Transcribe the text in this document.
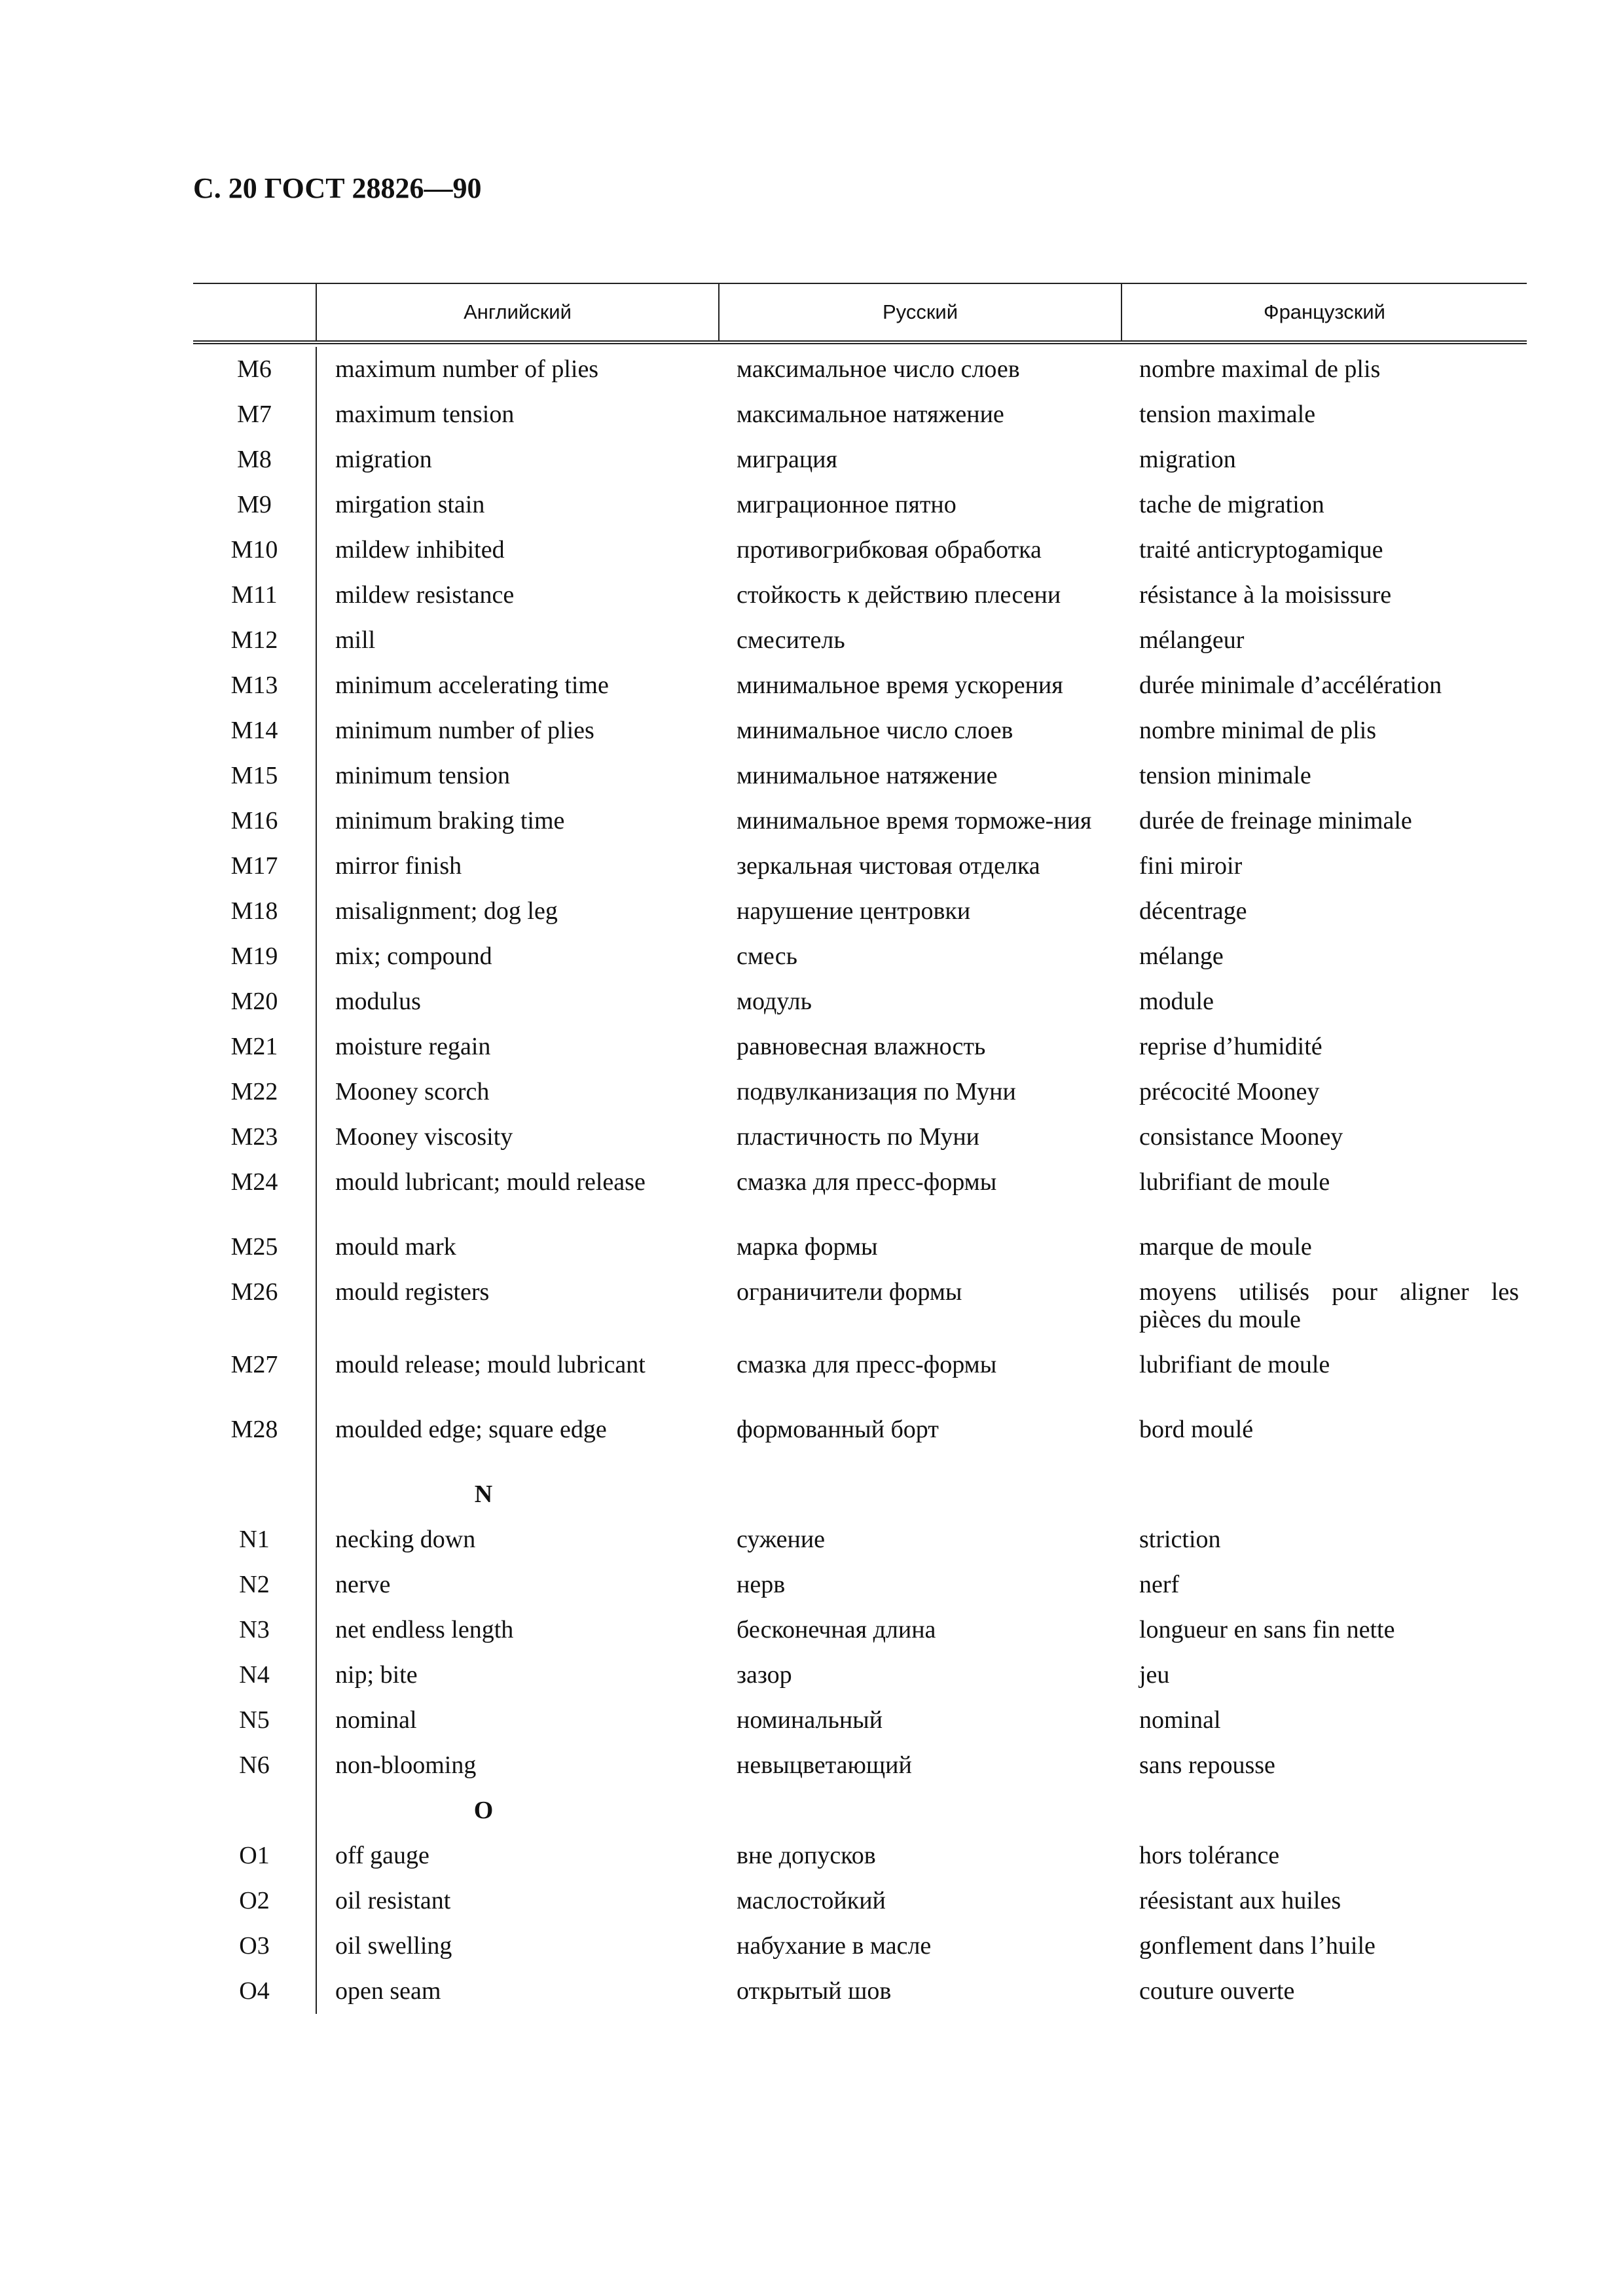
С. 20 ГОСТ 28826—90
Английский	Русский	Французский
M6	maximum number of plies	максимальное число слоев	nombre maximal de plis
M7	maximum tension	максимальное натяжение	tension maximale
M8	migration	миграция	migration
M9	mirgation stain	миграционное пятно	tache de migration
M10	mildew inhibited	противогрибковая обработка	traité anticryptogamique
M11	mildew resistance	стойкость к действию плесени	résistance à la moisissure
M12	mill	смеситель	mélangeur
M13	minimum accelerating time	минимальное время ускорения	durée minimale d’accélération
M14	minimum number of plies	минимальное число слоев	nombre minimal de plis
M15	minimum tension	минимальное натяжение	tension minimale
M16	minimum braking time	минимальное время торможе-ния	durée de freinage minimale
M17	mirror finish	зеркальная чистовая отделка	fini miroir
M18	misalignment; dog leg	нарушение центровки	décentrage
M19	mix; compound	смесь	mélange
M20	modulus	модуль	module
M21	moisture regain	равновесная влажность	reprise d’humidité
M22	Mooney scorch	подвулканизация по Муни	précocité Mooney
M23	Mooney viscosity	пластичность по Муни	consistance Mooney
M24	mould lubricant; mould release	смазка для пресс-формы	lubrifiant de moule
M25	mould mark	марка формы	marque de moule
M26	mould registers	ограничители формы	moyens utilisés pour aligner les pièces du moule
M27	mould release; mould lubricant	смазка для пресс-формы	lubrifiant de moule
M28	moulded edge; square edge	формованный борт	bord moulé
N
N1	necking down	сужение	striction
N2	nerve	нерв	nerf
N3	net endless length	бесконечная длина	longueur en sans fin nette
N4	nip; bite	зазор	jeu
N5	nominal	номинальный	nominal
N6	non-blooming	невыцветающий	sans repousse
O
O1	off gauge	вне допусков	hors tolérance
O2	oil resistant	маслостойкий	réesistant aux huiles
O3	oil swelling	набухание в масле	gonflement dans l’huile
O4	open seam	открытый шов	couture ouverte
